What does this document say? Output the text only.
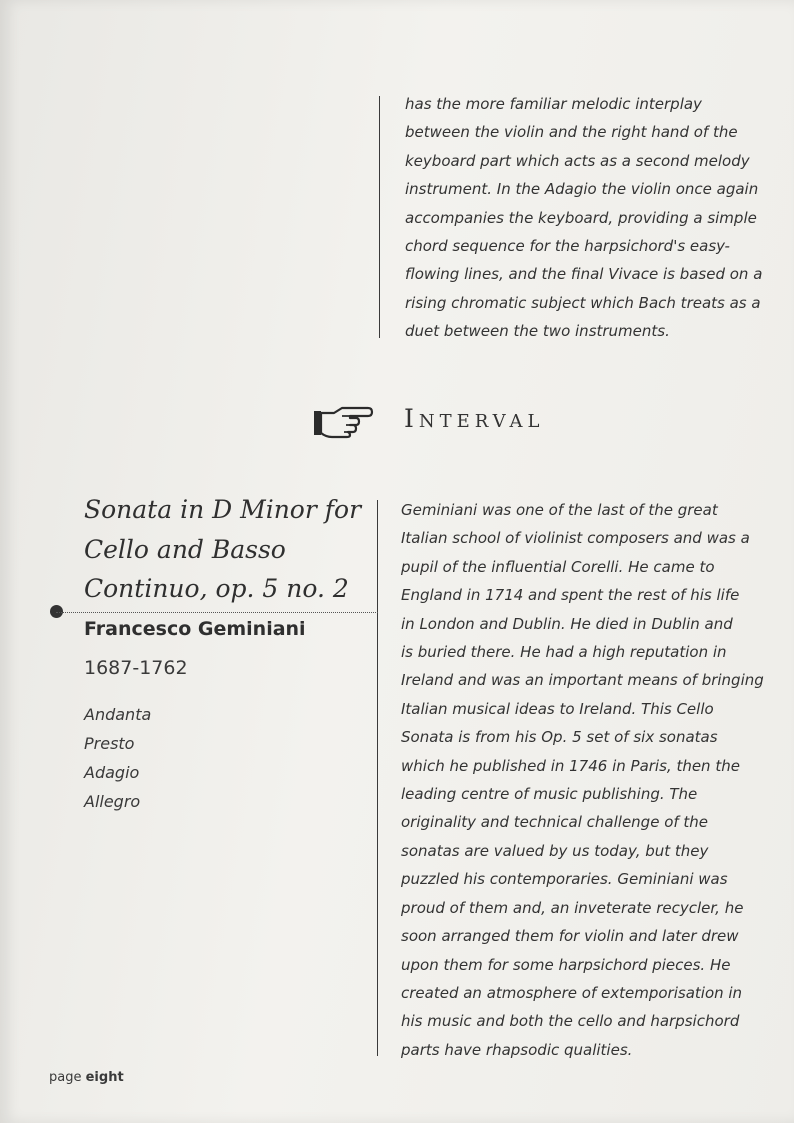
has the more familiar melodic interplay
between the violin and the right hand of the
keyboard part which acts as a second melody
instrument. In the Adagio the violin once again
accompanies the keyboard, providing a simple
chord sequence for the harpsichord's easy-
flowing lines, and the final Vivace is based on a
rising chromatic subject which Bach treats as a
duet between the two instruments.
Interval
Sonata in D Minor for
Cello and Basso
Continuo, op. 5 no. 2
Francesco Geminiani
1687-1762
Andanta
Presto
Adagio
Allegro
Geminiani was one of the last of the great
Italian school of violinist composers and was a
pupil of the influential Corelli. He came to
England in 1714 and spent the rest of his life
in London and Dublin. He died in Dublin and
is buried there. He had a high reputation in
Ireland and was an important means of bringing
Italian musical ideas to Ireland. This Cello
Sonata is from his Op. 5 set of six sonatas
which he published in 1746 in Paris, then the
leading centre of music publishing. The
originality and technical challenge of the
sonatas are valued by us today, but they
puzzled his contemporaries. Geminiani was
proud of them and, an inveterate recycler, he
soon arranged them for violin and later drew
upon them for some harpsichord pieces. He
created an atmosphere of extemporisation in
his music and both the cello and harpsichord
parts have rhapsodic qualities.
page eight
